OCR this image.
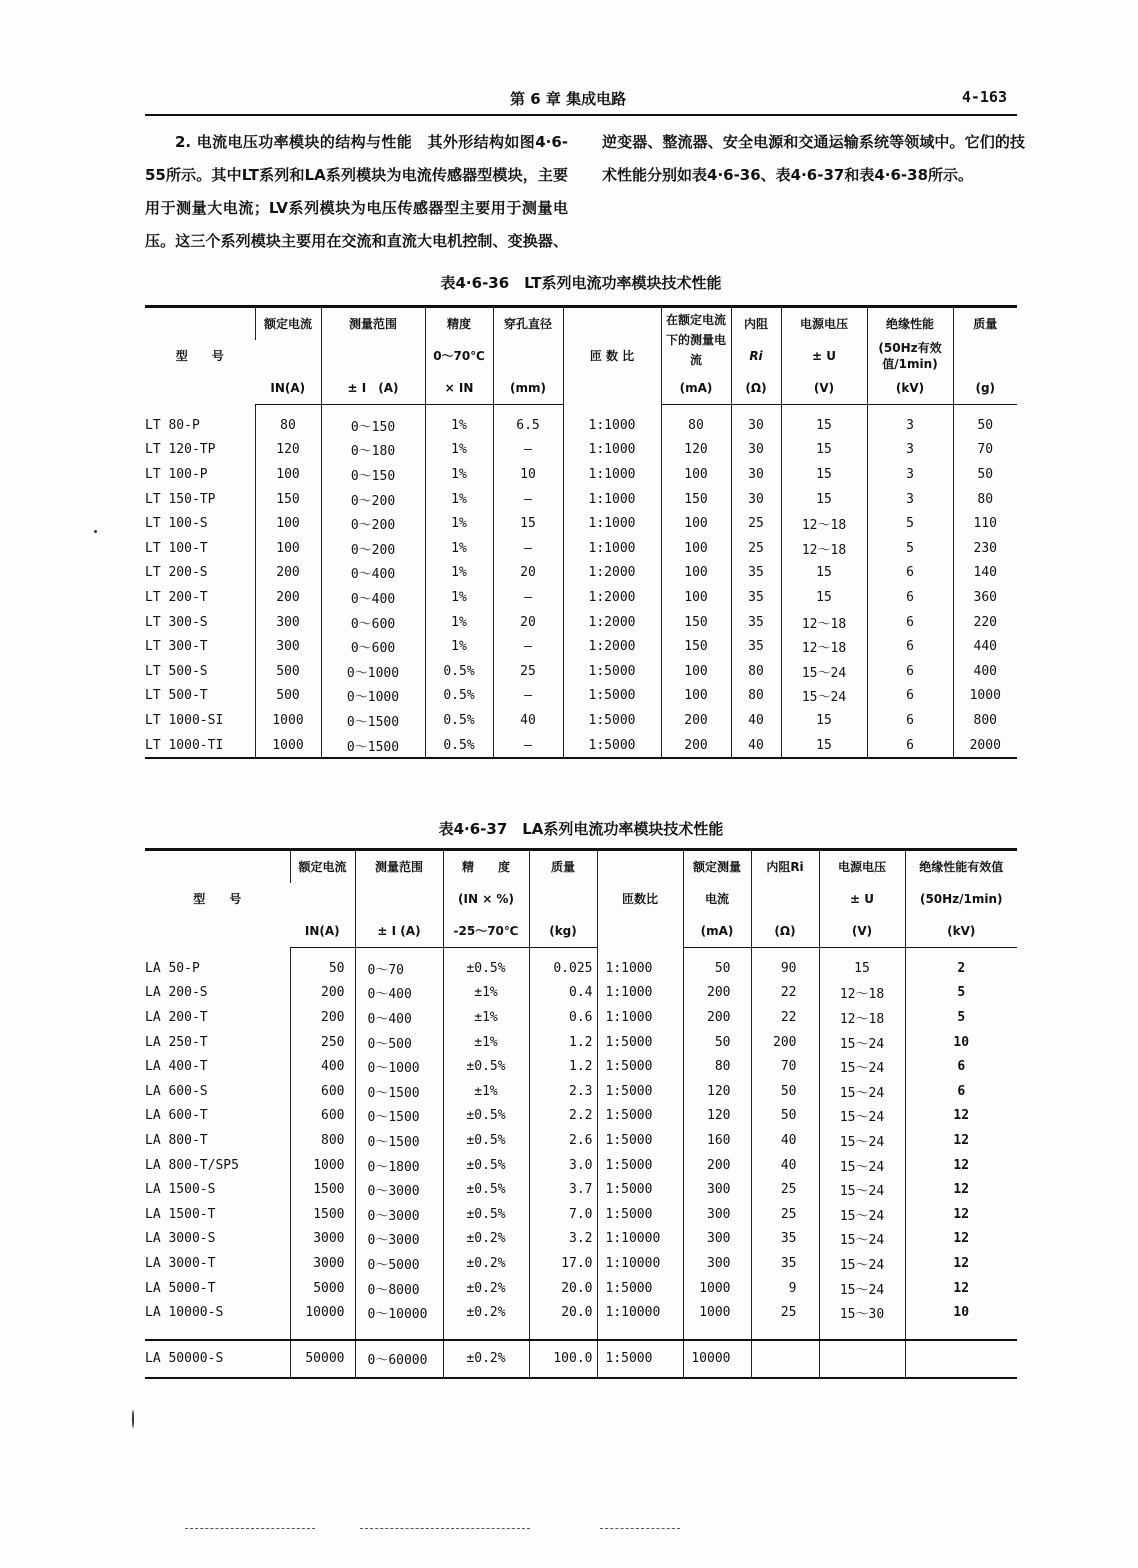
第 6 章 集成电路	4-163

2. 电流电压功率模块的结构与性能　其外形结构如图4·6-55所示。其中LT系列和LA系列模块为电流传感器型模块，主要用于测量大电流；LV系列模块为电压传感器型主要用于测量电压。这三个系列模块主要用在交流和直流大电机控制、变换器、逆变器、整流器、安全电源和交通运输系统等领域中。它们的技术性能分别如表4·6-36、表4·6-37和表4·6-38所示。

表4·6-36　LT系列电流功率模块技术性能
型　　号	额定电流	测量范围	精度	穿孔直径	匝 数 比	在额定电流下的测量电流	内阻	电源电压	绝缘性能	质量
			0～70℃				Ri	± U	(50Hz有效值/1min)	
	IN(A)	± I　(A)	× IN	(mm)		(mA)	(Ω)	(V)	(kV)	(g)
LT 80-P	80	0～150	1%	6.5	1:1000	80	30	15	3	50
LT 120-TP	120	0～180	1%	—	1:1000	120	30	15	3	70
LT 100-P	100	0～150	1%	10	1:1000	100	30	15	3	50
LT 150-TP	150	0～200	1%	—	1:1000	150	30	15	3	80
LT 100-S	100	0～200	1%	15	1:1000	100	25	12～18	5	110
LT 100-T	100	0～200	1%	—	1:1000	100	25	12～18	5	230
LT 200-S	200	0～400	1%	20	1:2000	100	35	15	6	140
LT 200-T	200	0～400	1%	—	1:2000	100	35	15	6	360
LT 300-S	300	0～600	1%	20	1:2000	150	35	12～18	6	220
LT 300-T	300	0～600	1%	—	1:2000	150	35	12～18	6	440
LT 500-S	500	0～1000	0.5%	25	1:5000	100	80	15～24	6	400
LT 500-T	500	0～1000	0.5%	—	1:5000	100	80	15～24	6	1000
LT 1000-SI	1000	0～1500	0.5%	40	1:5000	200	40	15	6	800
LT 1000-TI	1000	0～1500	0.5%	—	1:5000	200	40	15	6	2000
表4·6-37　LA系列电流功率模块技术性能
型　　号	额定电流	测量范围	精　　度	质量	匝数比	额定测量	内阻Ri	电源电压	绝缘性能有效值
			(IN × %)			电流		± U	(50Hz/1min)
	IN(A)	± I (A)	-25～70℃	(kg)		(mA)	(Ω)	(V)	(kV)
LA 50-P	50	0～70	±0.5%	0.025	1:1000	50	90	15	2
LA 200-S	200	0～400	±1%	0.4	1:1000	200	22	12～18	5
LA 200-T	200	0～400	±1%	0.6	1:1000	200	22	12～18	5
LA 250-T	250	0～500	±1%	1.2	1:5000	50	200	15～24	10
LA 400-T	400	0～1000	±0.5%	1.2	1:5000	80	70	15～24	6
LA 600-S	600	0～1500	±1%	2.3	1:5000	120	50	15～24	6
LA 600-T	600	0～1500	±0.5%	2.2	1:5000	120	50	15～24	12
LA 800-T	800	0～1500	±0.5%	2.6	1:5000	160	40	15～24	12
LA 800-T/SP5	1000	0～1800	±0.5%	3.0	1:5000	200	40	15～24	12
LA 1500-S	1500	0～3000	±0.5%	3.7	1:5000	300	25	15～24	12
LA 1500-T	1500	0～3000	±0.5%	7.0	1:5000	300	25	15～24	12
LA 3000-S	3000	0～3000	±0.2%	3.2	1:10000	300	35	15～24	12
LA 3000-T	3000	0～5000	±0.2%	17.0	1:10000	300	35	15～24	12
LA 5000-T	5000	0～8000	±0.2%	20.0	1:5000	1000	9	15～24	12
LA 10000-S	10000	0～10000	±0.2%	20.0	1:10000	1000	25	15～30	10

LA 50000-S	50000	0～60000	±0.2%	100.0	1:5000	10000			
